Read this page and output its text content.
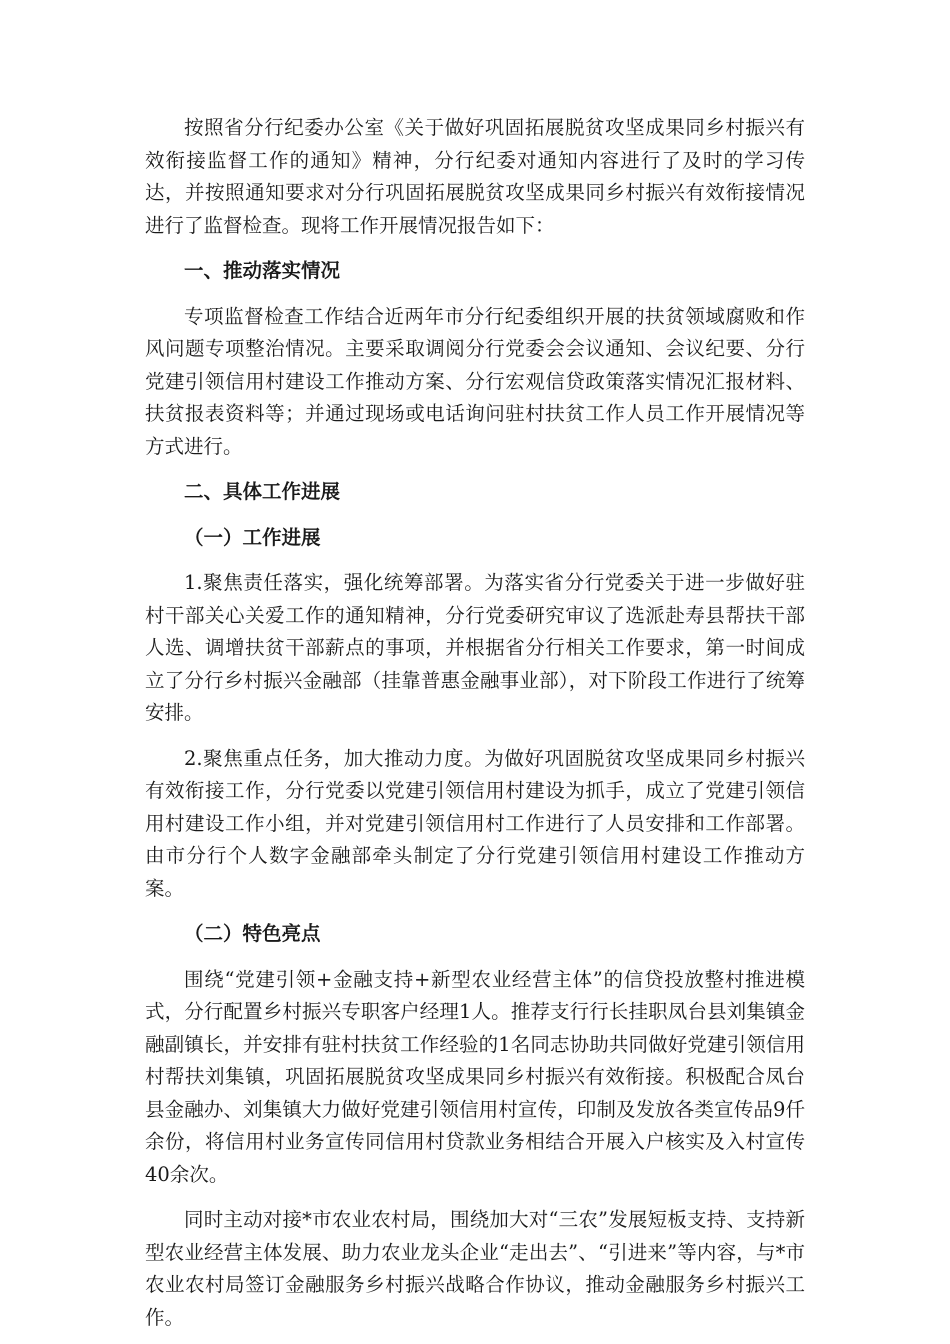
按照省分行纪委办公室《关于做好巩固拓展脱贫攻坚成果同乡村振兴有效衔接监督工作的通知》精神，分行纪委对通知内容进行了及时的学习传达，并按照通知要求对分行巩固拓展脱贫攻坚成果同乡村振兴有效衔接情况进行了监督检查。现将工作开展情况报告如下：

一、推动落实情况

专项监督检查工作结合近两年市分行纪委组织开展的扶贫领域腐败和作风问题专项整治情况。主要采取调阅分行党委会会议通知、会议纪要、分行党建引领信用村建设工作推动方案、分行宏观信贷政策落实情况汇报材料、扶贫报表资料等；并通过现场或电话询问驻村扶贫工作人员工作开展情况等方式进行。

二、具体工作进展

（一）工作进展

1.聚焦责任落实，强化统筹部署。为落实省分行党委关于进一步做好驻村干部关心关爱工作的通知精神，分行党委研究审议了选派赴寿县帮扶干部人选、调增扶贫干部薪点的事项，并根据省分行相关工作要求，第一时间成立了分行乡村振兴金融部（挂靠普惠金融事业部），对下阶段工作进行了统筹安排。

2.聚焦重点任务，加大推动力度。为做好巩固脱贫攻坚成果同乡村振兴有效衔接工作，分行党委以党建引领信用村建设为抓手，成立了党建引领信用村建设工作小组，并对党建引领信用村工作进行了人员安排和工作部署。由市分行个人数字金融部牵头制定了分行党建引领信用村建设工作推动方案。

（二）特色亮点

围绕“党建引领+金融支持+新型农业经营主体”的信贷投放整村推进模式，分行配置乡村振兴专职客户经理1人。推荐支行行长挂职凤台县刘集镇金融副镇长，并安排有驻村扶贫工作经验的1名同志协助共同做好党建引领信用村帮扶刘集镇，巩固拓展脱贫攻坚成果同乡村振兴有效衔接。积极配合凤台县金融办、刘集镇大力做好党建引领信用村宣传，印制及发放各类宣传品9仟余份，将信用村业务宣传同信用村贷款业务相结合开展入户核实及入村宣传40余次。

同时主动对接*市农业农村局，围绕加大对“三农”发展短板支持、支持新型农业经营主体发展、助力农业龙头企业“走出去”、“引进来”等内容，与*市农业农村局签订金融服务乡村振兴战略合作协议，推动金融服务乡村振兴工作。
